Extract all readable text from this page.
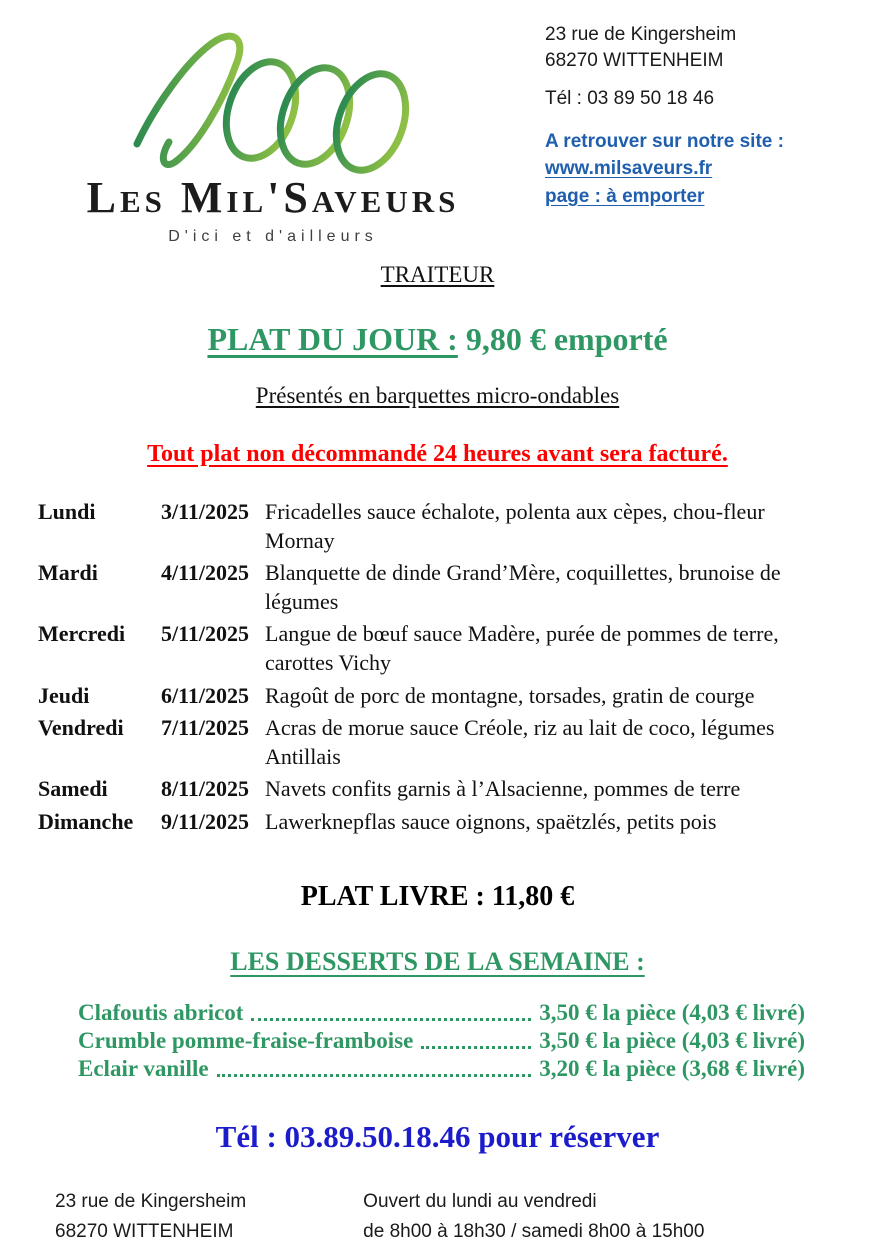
Les Mil'Saveurs
D'ici et d'ailleurs
23 rue de Kingersheim
68270 WITTENHEIM
Tél : 03 89 50 18 46
A retrouver sur notre site :
www.milsaveurs.fr
page : à emporter
TRAITEUR
PLAT DU JOUR : 9,80 € emporté
Présentés en barquettes micro-ondables
Tout plat non décommandé 24 heures avant sera facturé.
Lundi	3/11/2025 Fricadelles sauce échalote, polenta aux cèpes, chou-fleur Mornay
Mardi	4/11/2025 Blanquette de dinde Grand’Mère, coquillettes, brunoise de légumes
Mercredi	5/11/2025 Langue de bœuf sauce Madère, purée de pommes de terre, carottes Vichy
Jeudi	6/11/2025 Ragoût de porc de montagne, torsades, gratin de courge
Vendredi	7/11/2025 Acras de morue sauce Créole, riz au lait de coco, légumes Antillais
Samedi	8/11/2025 Navets confits garnis à l’Alsacienne, pommes de terre
Dimanche	9/11/2025 Lawerknepflas sauce oignons, spaëtzlés, petits pois
PLAT LIVRE : 11,80 €
LES DESSERTS DE LA SEMAINE :
Clafoutis abricot	3,50 € la pièce (4,03 € livré)
Crumble pomme-fraise-framboise	3,50 € la pièce (4,03 € livré)
Eclair vanille	3,20 € la pièce (3,68 € livré)
Tél : 03.89.50.18.46 pour réserver
23 rue de Kingersheim
68270 WITTENHEIM
Ouvert du lundi au vendredi
de 8h00 à 18h30 / samedi 8h00 à 15h00
